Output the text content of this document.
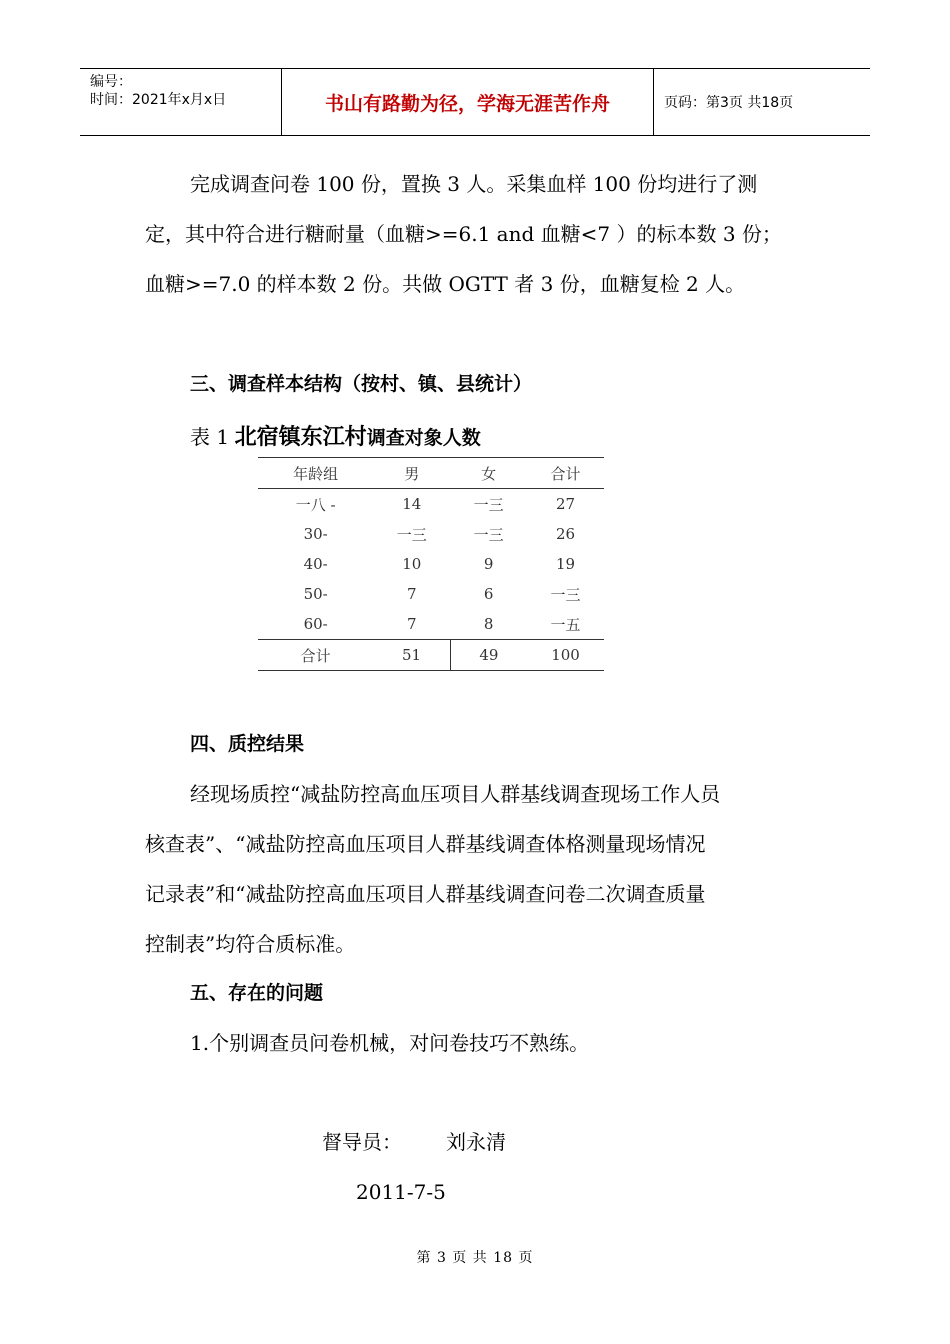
编号：
时间：2021年x月x日	书山有路勤为径，学海无涯苦作舟	页码：第3页 共18页
完成调查问卷 100 份，置换 3 人。采集血样 100 份均进行了测
定，其中符合进行糖耐量（血糖>=6.1 and 血糖<7 ）的标本数 3 份；
血糖>=7.0 的样本数 2 份。共做 OGTT 者 3 份，血糖复检 2 人。
三、调查样本结构（按村、镇、县统计）
表 1 北宿镇东江村调查对象人数
年龄组	男	女	合计
一八 -	14	一三	27
30-	一三	一三	26
40-	10	9	19
50-	7	6	一三
60-	7	8	一五
合计	51	49	100
四、质控结果
经现场质控“减盐防控高血压项目人群基线调查现场工作人员
核查表”、“减盐防控高血压项目人群基线调查体格测量现场情况
记录表”和“减盐防控高血压项目人群基线调查问卷二次调查质量
控制表”均符合质标准。
五、存在的问题
1.个别调查员问卷机械，对问卷技巧不熟练。
督导员： 刘永清
2011-7-5
第 3 页 共 18 页
